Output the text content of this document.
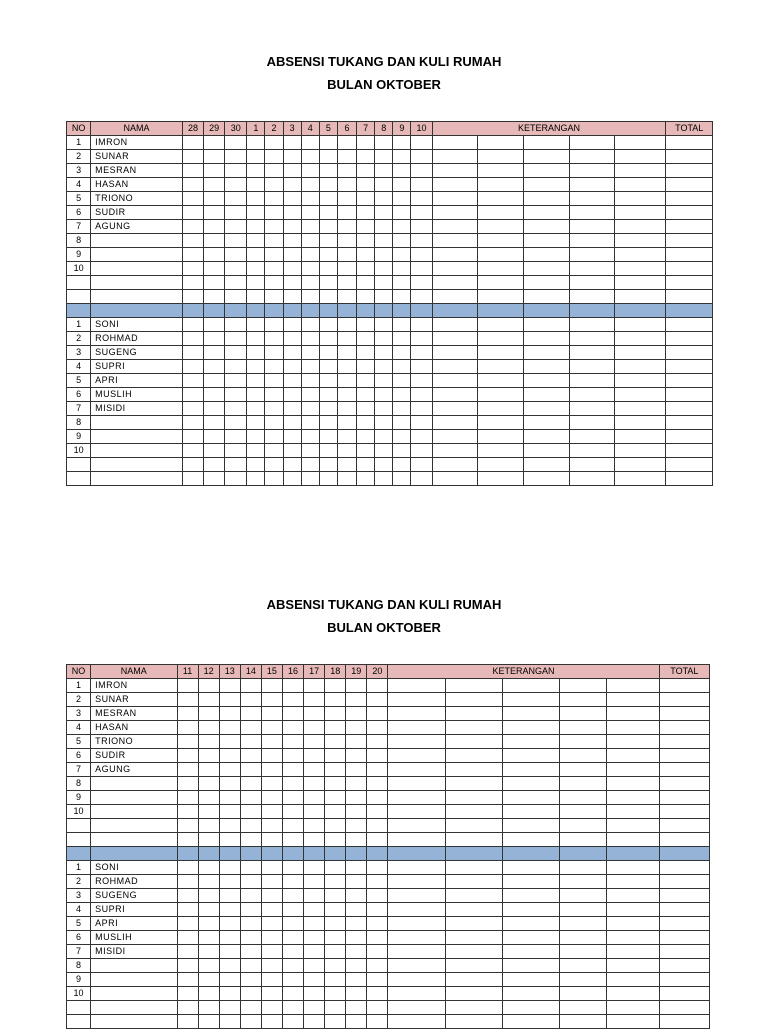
ABSENSI TUKANG DAN KULI RUMAH
BULAN OKTOBER
NO	NAMA	28	29	30	1	2	3	4	5	6	7	8	9	10	KETERANGAN					TOTAL
1	IMRON																			
2	SUNAR																			
3	MESRAN																			
4	HASAN																			
5	TRIONO																			
6	SUDIR																			
7	AGUNG																			
8																				
9																				
10																				

1	SONI																			
2	ROHMAD																			
3	SUGENG																			
4	SUPRI																			
5	APRI																			
6	MUSLIH																			
7	MISIDI																			
8																				
9																				
10																				

ABSENSI TUKANG DAN KULI RUMAH
BULAN OKTOBER
NO	NAMA	11	12	13	14	15	16	17	18	19	20	KETERANGAN					TOTAL
1	IMRON																
2	SUNAR																
3	MESRAN																
4	HASAN																
5	TRIONO																
6	SUDIR																
7	AGUNG																
8																	
9																	
10																	

1	SONI																
2	ROHMAD																
3	SUGENG																
4	SUPRI																
5	APRI																
6	MUSLIH																
7	MISIDI																
8																	
9																	
10																	
